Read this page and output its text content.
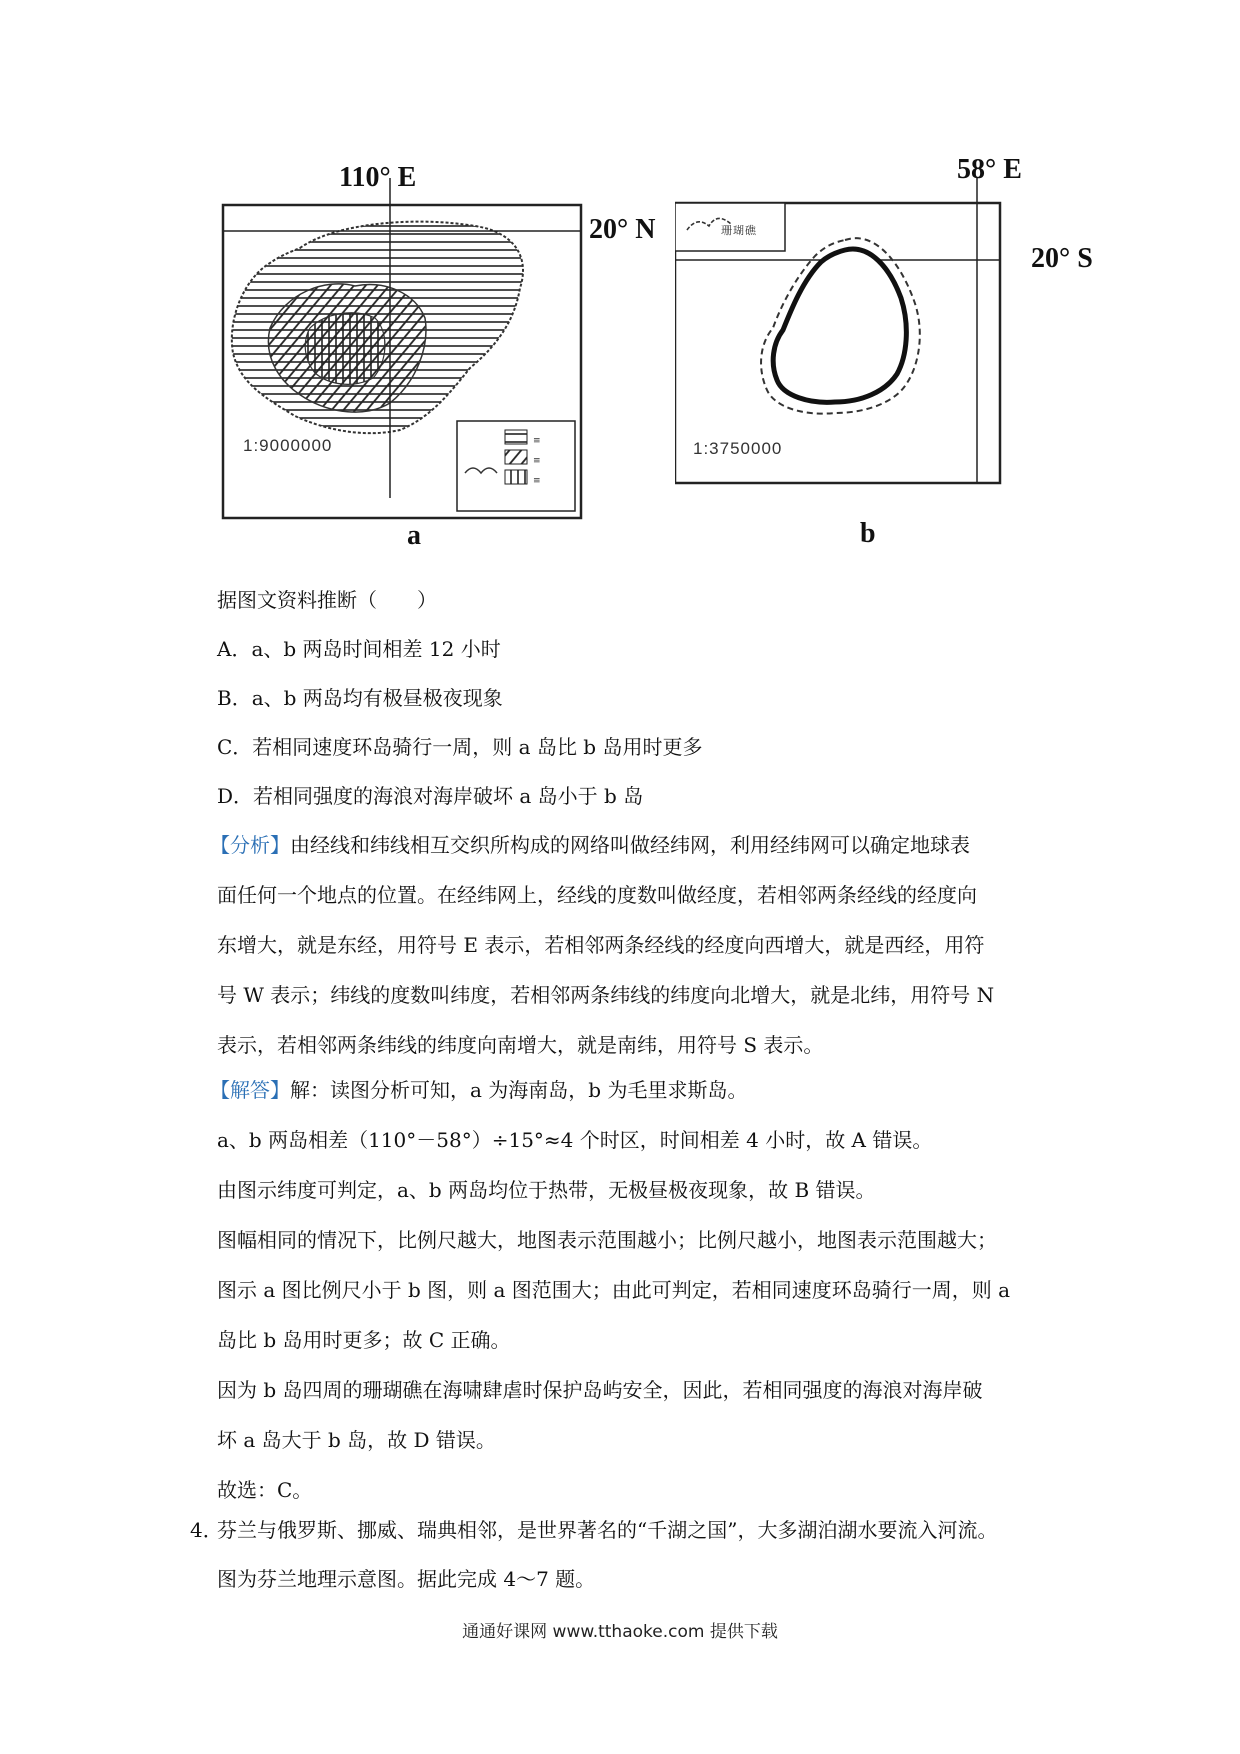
≡
≡
≡
110° E
20° N
1:9000000
a
珊瑚礁
58° E
20° S
1:3750000
b
据图文资料推断（　　）
A．a、b 两岛时间相差 12 小时
B．a、b 两岛均有极昼极夜现象
C．若相同速度环岛骑行一周，则 a 岛比 b 岛用时更多
D．若相同强度的海浪对海岸破坏 a 岛小于 b 岛
【分析】由经线和纬线相互交织所构成的网络叫做经纬网，利用经纬网可以确定地球表
面任何一个地点的位置。在经纬网上，经线的度数叫做经度，若相邻两条经线的经度向
东增大，就是东经，用符号 E 表示，若相邻两条经线的经度向西增大，就是西经，用符
号 W 表示；纬线的度数叫纬度，若相邻两条纬线的纬度向北增大，就是北纬，用符号 N
表示，若相邻两条纬线的纬度向南增大，就是南纬，用符号 S 表示。
【解答】解：读图分析可知，a 为海南岛，b 为毛里求斯岛。
a、b 两岛相差（110°－58°）÷15°≈4 个时区，时间相差 4 小时，故 A 错误。
由图示纬度可判定，a、b 两岛均位于热带，无极昼极夜现象，故 B 错误。
图幅相同的情况下，比例尺越大，地图表示范围越小；比例尺越小，地图表示范围越大；
图示 a 图比例尺小于 b 图，则 a 图范围大；由此可判定，若相同速度环岛骑行一周，则 a
岛比 b 岛用时更多；故 C 正确。
因为 b 岛四周的珊瑚礁在海啸肆虐时保护岛屿安全，因此，若相同强度的海浪对海岸破
坏 a 岛大于 b 岛，故 D 错误。
故选：C。
4．
芬兰与俄罗斯、挪威、瑞典相邻，是世界著名的“千湖之国”，大多湖泊湖水要流入河流。
图为芬兰地理示意图。据此完成 4～7 题。
通通好课网 www.tthaoke.com 提供下载
